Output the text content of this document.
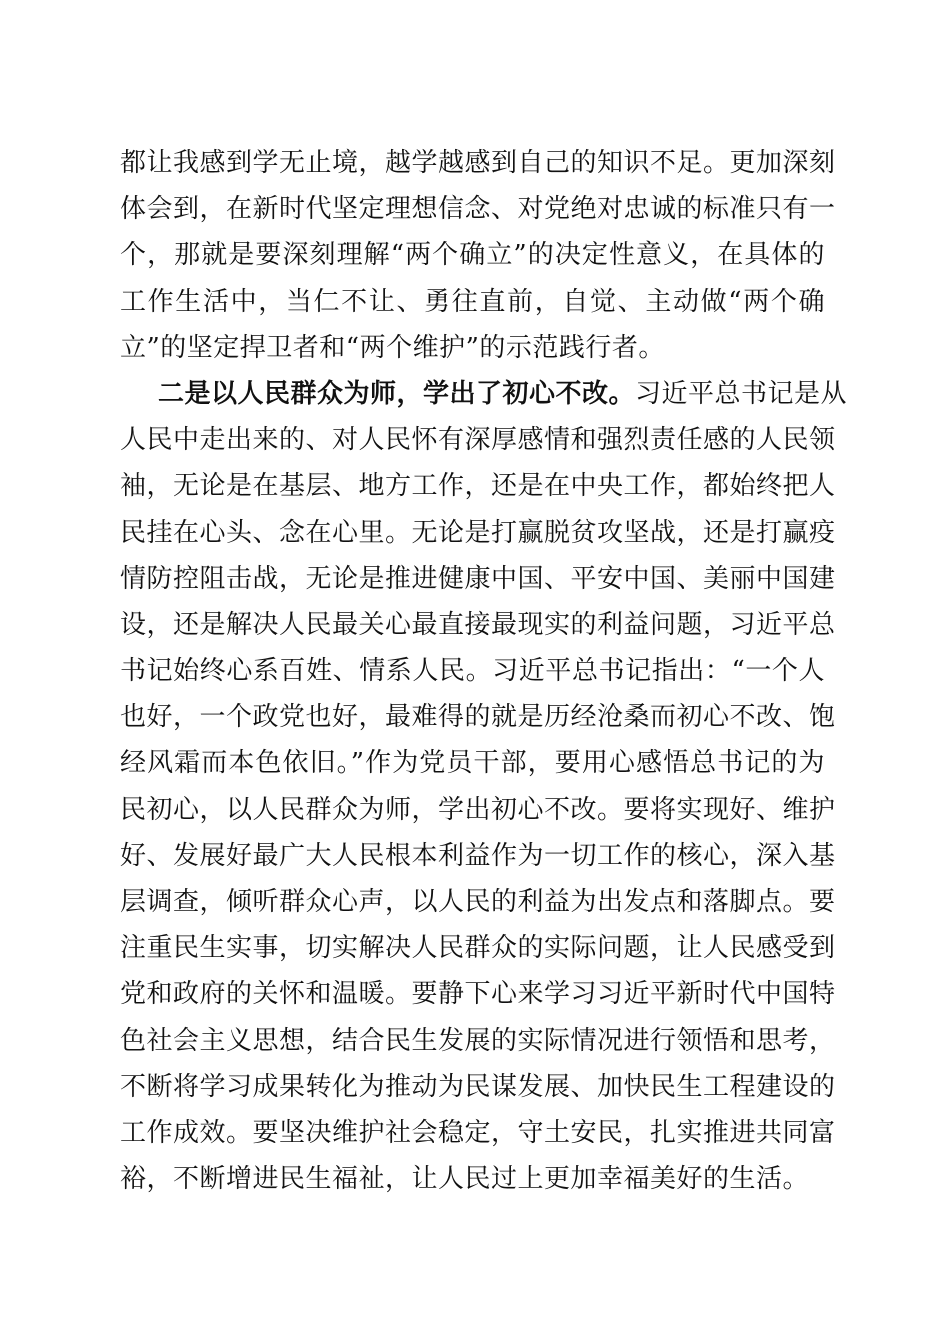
都让我感到学无止境，越学越感到自己的知识不足。更加深刻
体会到，在新时代坚定理想信念、对党绝对忠诚的标准只有一
个，那就是要深刻理解“两个确立”的决定性意义，在具体的
工作生活中，当仁不让、勇往直前，自觉、主动做“两个确
立”的坚定捍卫者和“两个维护”的示范践行者。
二是以人民群众为师，学出了初心不改。习近平总书记是从
人民中走出来的、对人民怀有深厚感情和强烈责任感的人民领
袖，无论是在基层、地方工作，还是在中央工作，都始终把人
民挂在心头、念在心里。无论是打赢脱贫攻坚战，还是打赢疫
情防控阻击战，无论是推进健康中国、平安中国、美丽中国建
设，还是解决人民最关心最直接最现实的利益问题，习近平总
书记始终心系百姓、情系人民。习近平总书记指出：“一个人
也好，一个政党也好，最难得的就是历经沧桑而初心不改、饱
经风霜而本色依旧。”作为党员干部，要用心感悟总书记的为
民初心，以人民群众为师，学出初心不改。要将实现好、维护
好、发展好最广大人民根本利益作为一切工作的核心，深入基
层调查，倾听群众心声，以人民的利益为出发点和落脚点。要
注重民生实事，切实解决人民群众的实际问题，让人民感受到
党和政府的关怀和温暖。要静下心来学习习近平新时代中国特
色社会主义思想，结合民生发展的实际情况进行领悟和思考，
不断将学习成果转化为推动为民谋发展、加快民生工程建设的
工作成效。要坚决维护社会稳定，守土安民，扎实推进共同富
裕，不断增进民生福祉，让人民过上更加幸福美好的生活。
